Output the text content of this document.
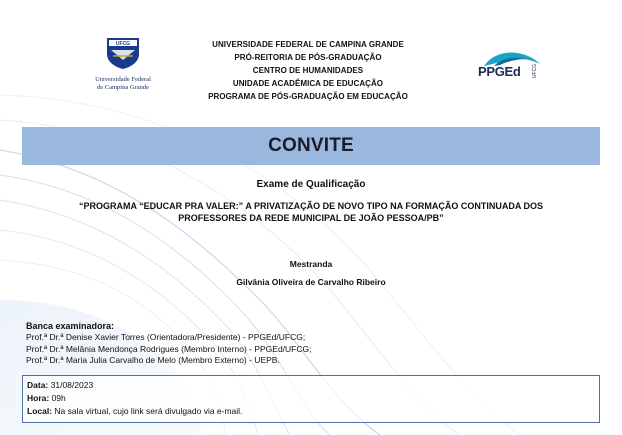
UFCG
Universidade Federal
de Campina Grande
UNIVERSIDADE FEDERAL DE CAMPINA GRANDE
PRÓ-REITORIA DE PÓS-GRADUAÇÃO
CENTRO DE HUMANIDADES
UNIDADE ACADÊMICA DE EDUCAÇÃO
PROGRAMA DE PÓS-GRADUAÇÃO EM EDUCAÇÃO
PPGEd UFCG
CONVITE
Exame de Qualificação
“PROGRAMA “EDUCAR PRA VALER:” A PRIVATIZAÇÃO DE NOVO TIPO NA FORMAÇÃO CONTINUADA DOS
PROFESSORES DA REDE MUNICIPAL DE JOÃO PESSOA/PB”
Mestranda
Gilvânia Oliveira de Carvalho Ribeiro
Banca examinadora:
Prof.ª Dr.ª Denise Xavier Torres (Orientadora/Presidente) - PPGEd/UFCG;
Prof.ª Dr.ª Melânia Mendonça Rodrigues (Membro Interno) - PPGEd/UFCG;
Prof.ª Dr.ª Maria Julia Carvalho de Melo (Membro Externo) - UEPB.
Data: 31/08/2023
Hora: 09h
Local: Na sala virtual, cujo link será divulgado via e-mail.
